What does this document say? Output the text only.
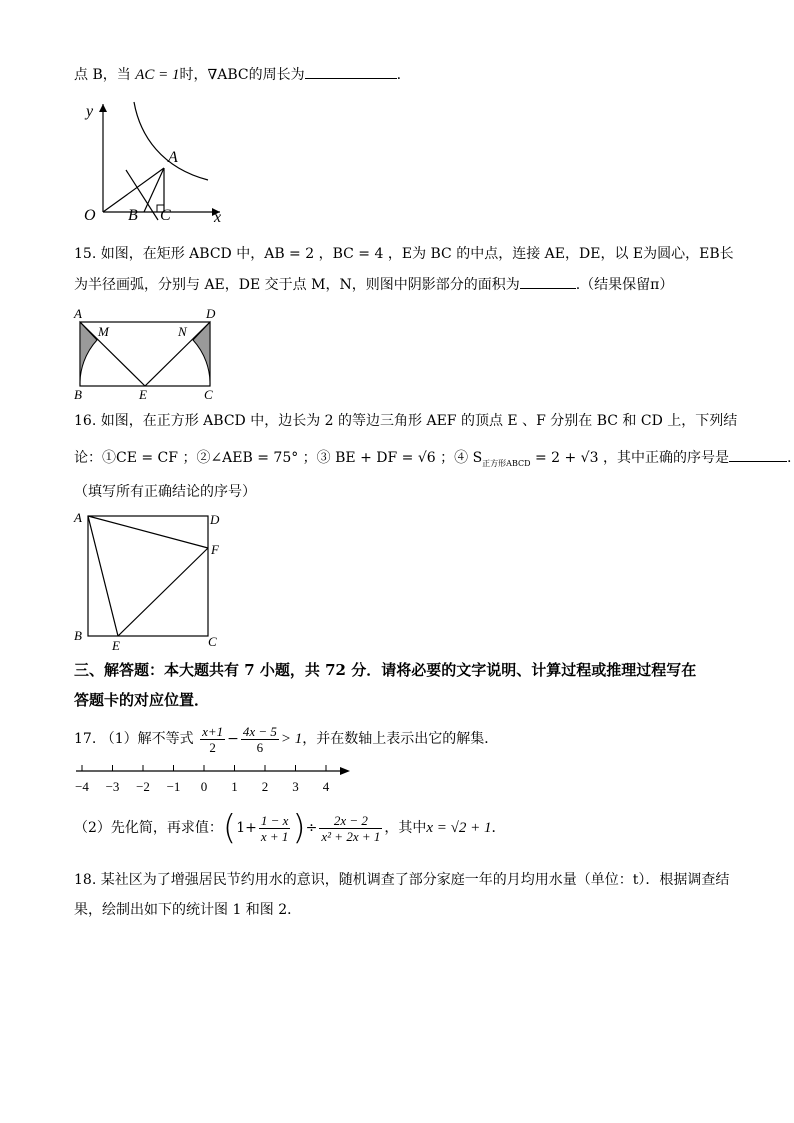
点 B，当 AC = 1时，∇ABC的周长为	.
y
A
O B C	x
15. 如图，在矩形 ABCD 中，AB = 2 ，BC = 4 ，E为 BC 的中点，连接 AE，DE，以 E为圆心，EB长
为半径画弧，分别与 AE，DE 交于点 M，N，则图中阴影部分的面积为	.（结果保留π）
A
M	N
D
B	E	C
16. 如图，在正方形 ABCD 中，边长为 2 的等边三角形 AEF 的顶点 E 、F 分别在 BC 和 CD 上，下列结
论：①CE = CF ；②∠AEB = 75° ；③ BE + DF = √6 ；④ $S_{正方形ABCD} = 2 + √3$ ，其中正确的序号是	.
（填写所有正确结论的序号）
A	D
F
B
E	C
三、解答题：本大题共有 7 小题，共 72 分．请将必要的文字说明、计算过程或推理过程写在
答题卡的对应位置．
17. （1）解不等式 $\frac{x+1}{2} - \frac{4x - 5}{6} > 1$，并在数轴上表示出它的解集．
−4 −3 −2 −1 0 1 2 3 4
（2）先化简，再求值：($1+ \frac{1 - x}{x + 1}$ )÷ $\frac{2x - 2}{\text{x² + 2x + 1}}$ ，其中x = √2 + 1．
18. 某社区为了增强居民节约用水的意识，随机调查了部分家庭一年的月均用水量（单位：t）．根据调查结
果，绘制出如下的统计图 1 和图 2．
